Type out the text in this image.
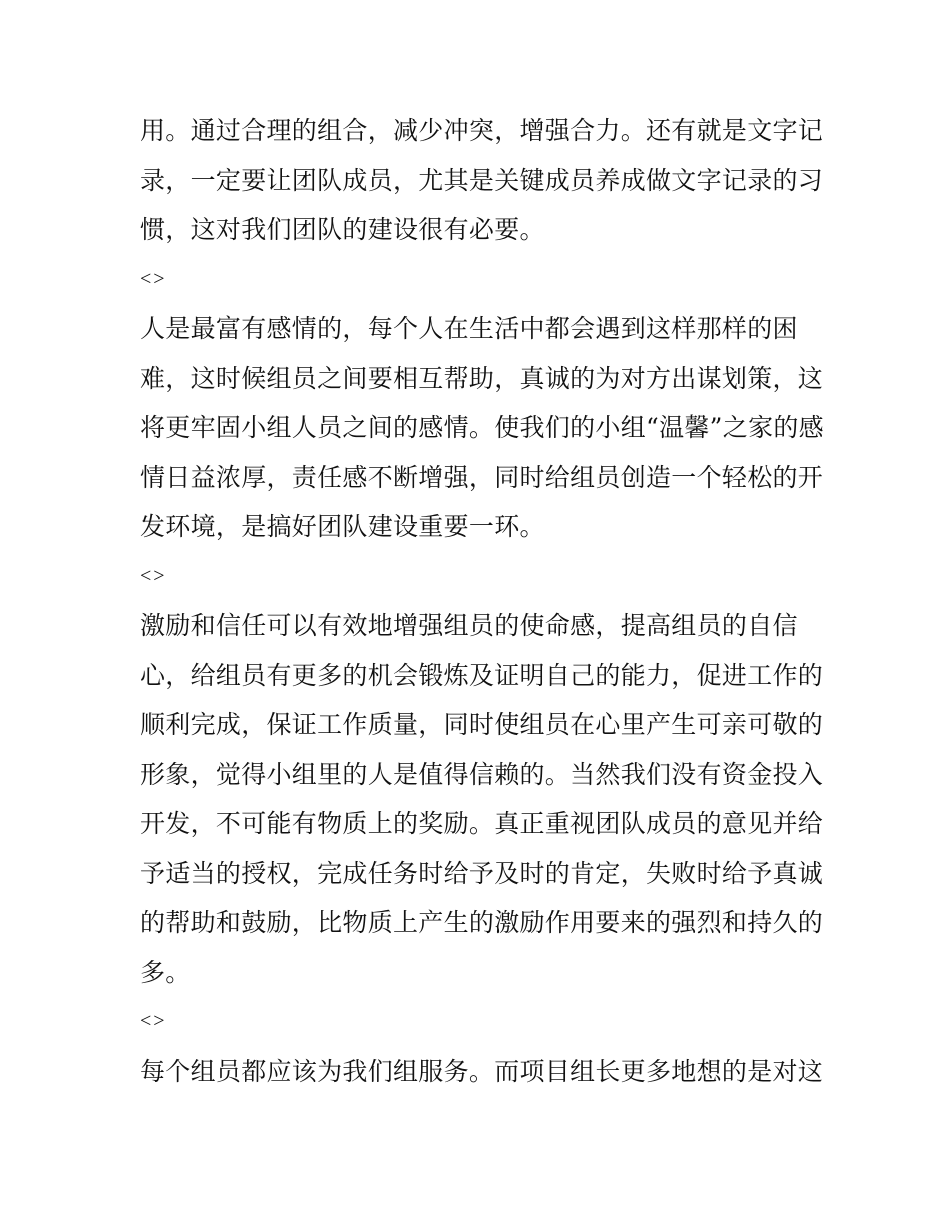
用。通过合理的组合，减少冲突，增强合力。还有就是文字记
录，一定要让团队成员，尤其是关键成员养成做文字记录的习
惯，这对我们团队的建设很有必要。
<>
人是最富有感情的，每个人在生活中都会遇到这样那样的困
难，这时候组员之间要相互帮助，真诚的为对方出谋划策，这
将更牢固小组人员之间的感情。使我们的小组“温馨”之家的感
情日益浓厚，责任感不断增强，同时给组员创造一个轻松的开
发环境，是搞好团队建设重要一环。
<>
激励和信任可以有效地增强组员的使命感，提高组员的自信
心，给组员有更多的机会锻炼及证明自己的能力，促进工作的
顺利完成，保证工作质量，同时使组员在心里产生可亲可敬的
形象，觉得小组里的人是值得信赖的。当然我们没有资金投入
开发，不可能有物质上的奖励。真正重视团队成员的意见并给
予适当的授权，完成任务时给予及时的肯定，失败时给予真诚
的帮助和鼓励，比物质上产生的激励作用要来的强烈和持久的
多。
<>
每个组员都应该为我们组服务。而项目组长更多地想的是对这
